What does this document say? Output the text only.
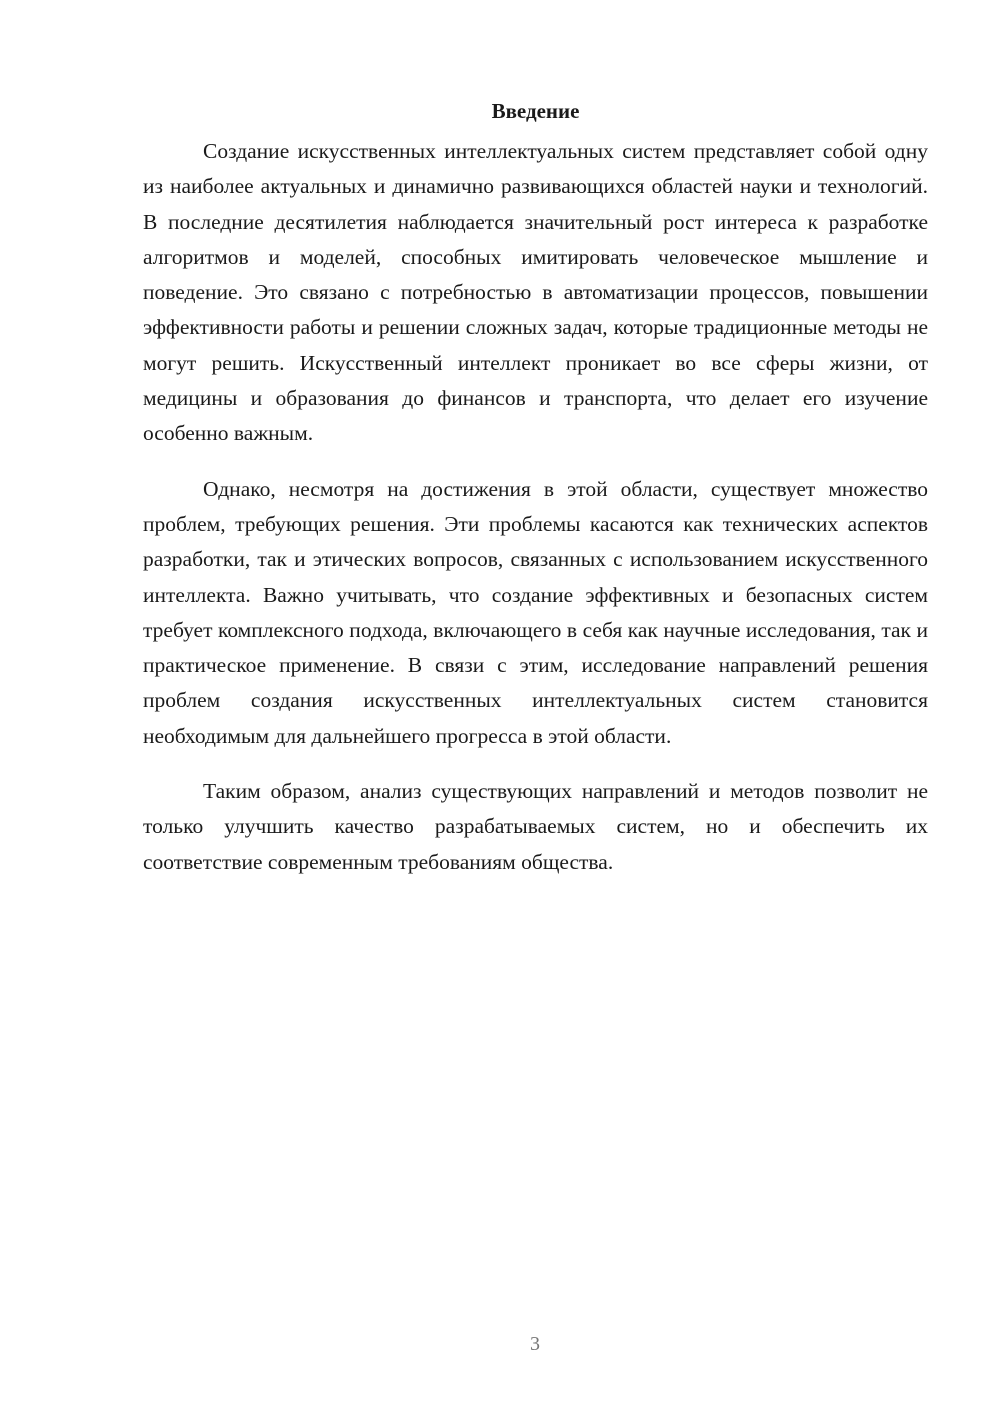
Введение

Создание искусственных интеллектуальных систем представляет собой одну из наиболее актуальных и динамично развивающихся областей науки и технологий. В последние десятилетия наблюдается значительный рост интереса к разработке алгоритмов и моделей, способных имитировать человеческое мышление и поведение. Это связано с потребностью в автоматизации процессов, повышении эффективности работы и решении сложных задач, которые традиционные методы не могут решить. Искусственный интеллект проникает во все сферы жизни, от медицины и образования до финансов и транспорта, что делает его изучение особенно важным.

Однако, несмотря на достижения в этой области, существует множество проблем, требующих решения. Эти проблемы касаются как технических аспектов разработки, так и этических вопросов, связанных с использованием искусственного интеллекта. Важно учитывать, что создание эффективных и безопасных систем требует комплексного подхода, включающего в себя как научные исследования, так и практическое применение. В связи с этим, исследование направлений решения проблем создания искусственных интеллектуальных систем становится необходимым для дальнейшего прогресса в этой области.

Таким образом, анализ существующих направлений и методов позволит не только улучшить качество разрабатываемых систем, но и обеспечить их соответствие современным требованиям общества.

3
